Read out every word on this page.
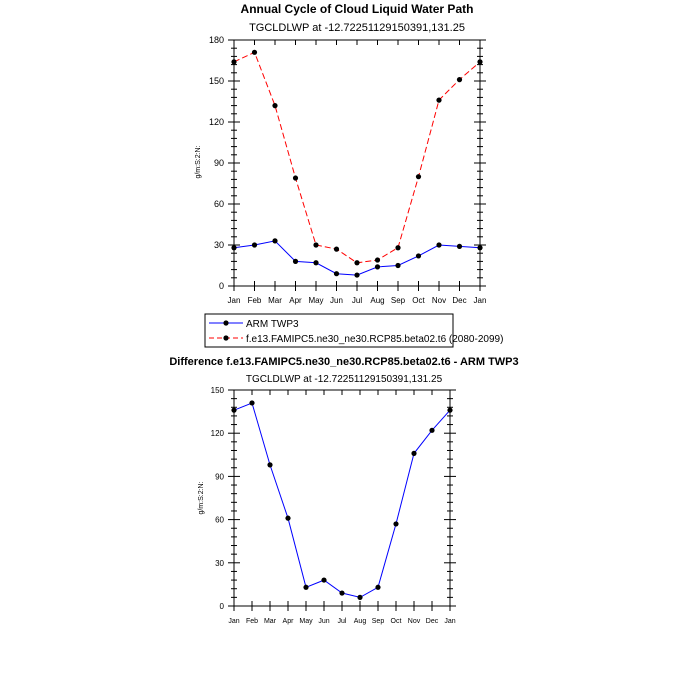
Annual Cycle of Cloud Liquid Water Path
TGCLDLWP at -12.72251129150391,131.25
g/m:S:2:N:
Jan Feb Mar Apr May Jun Jul Aug Sep Oct Nov Dec Jan
0
30
60
90
120
150
180
ARM TWP3
f.e13.FAMIPC5.ne30_ne30.RCP85.beta02.t6 (2080-2099)
Difference f.e13.FAMIPC5.ne30_ne30.RCP85.beta02.t6 - ARM TWP3
TGCLDLWP at -12.72251129150391,131.25
g/m:S:2:N:
Jan Feb Mar Apr May Jun Jul Aug Sep Oct Nov Dec Jan
0
30
60
90
120
150
